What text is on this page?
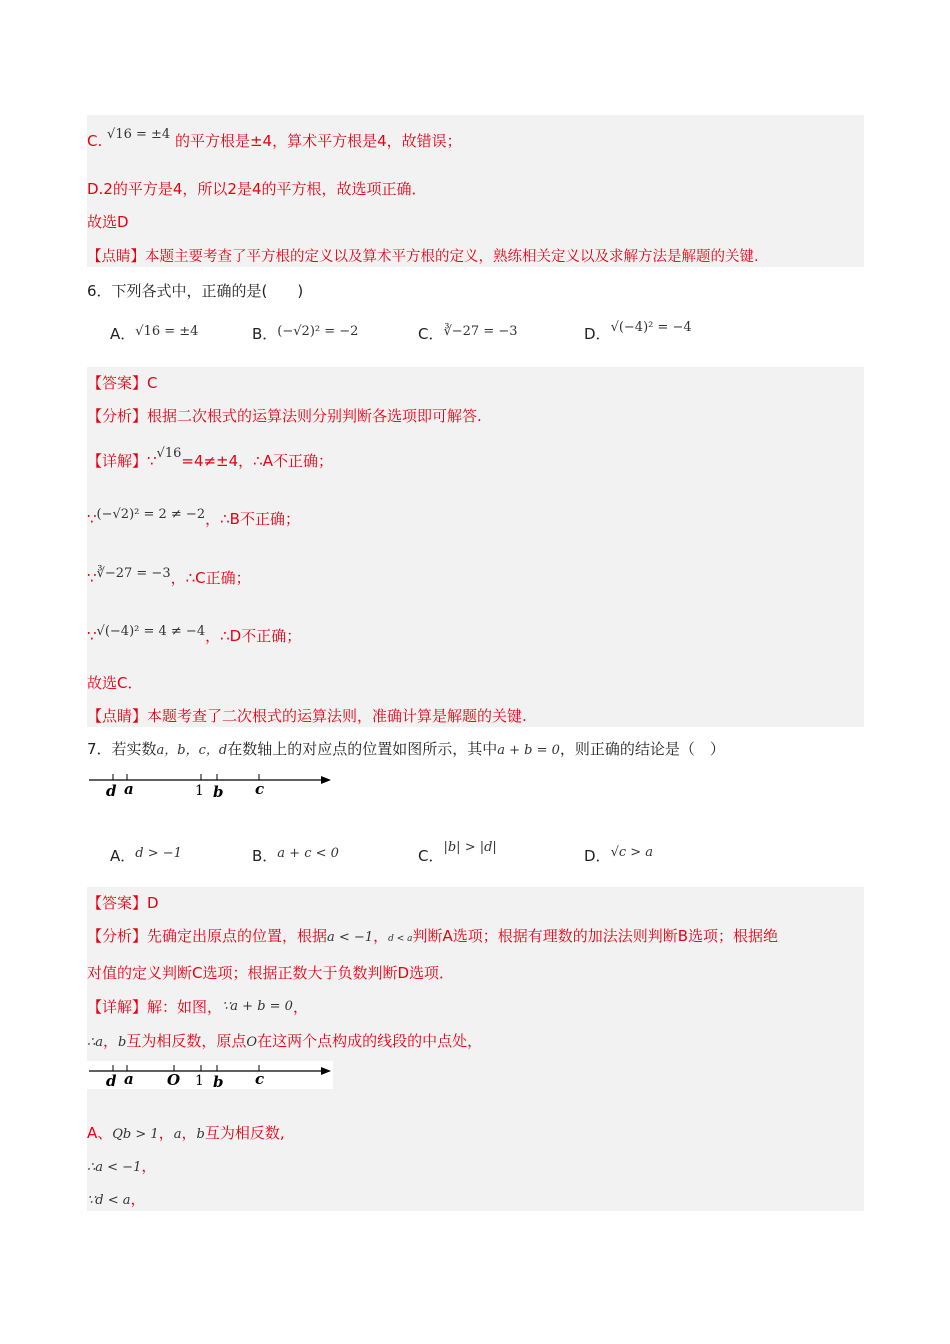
C. √16 = ±4 的平方根是±4，算术平方根是4，故错误；
D.2的平方是4，所以2是4的平方根，故选项正确．
故选D
【点睛】本题主要考查了平方根的定义以及算术平方根的定义，熟练相关定义以及求解方法是解题的关键.
6．下列各式中，正确的是(　　)
A．√16 = ±4	B．(−√2)² = −2	C．∛−27 = −3	D．√(−4)² = −4
【答案】C
【分析】根据二次根式的运算法则分别判断各选项即可解答.
【详解】∵√16=4≠±4，∴A不正确；
∵(−√2)² = 2 ≠ −2，∴B不正确；
∵∛−27 = −3，∴C正确；
∵√(−4)² = 4 ≠ −4，∴D不正确；
故选C．
【点睛】本题考查了二次根式的运算法则，准确计算是解题的关键.
7．若实数a，b，c，d在数轴上的对应点的位置如图所示，其中a + b = 0，则正确的结论是（　）
d a	1 b c
A．d > −1	B．a + c < 0	C．|b| > |d|	D．√c > a
【答案】D
【分析】先确定出原点的位置，根据a < −1，d < a判断A选项；根据有理数的加法法则判断B选项；根据绝
对值的定义判断C选项；根据正数大于负数判断D选项．
【详解】解：如图，∵a + b = 0，
∴a，b互为相反数，原点O在这两个点构成的线段的中点处，
d a O 1 b c
A、Qb > 1，a，b互为相反数,
∴a < −1，
∵d < a，
